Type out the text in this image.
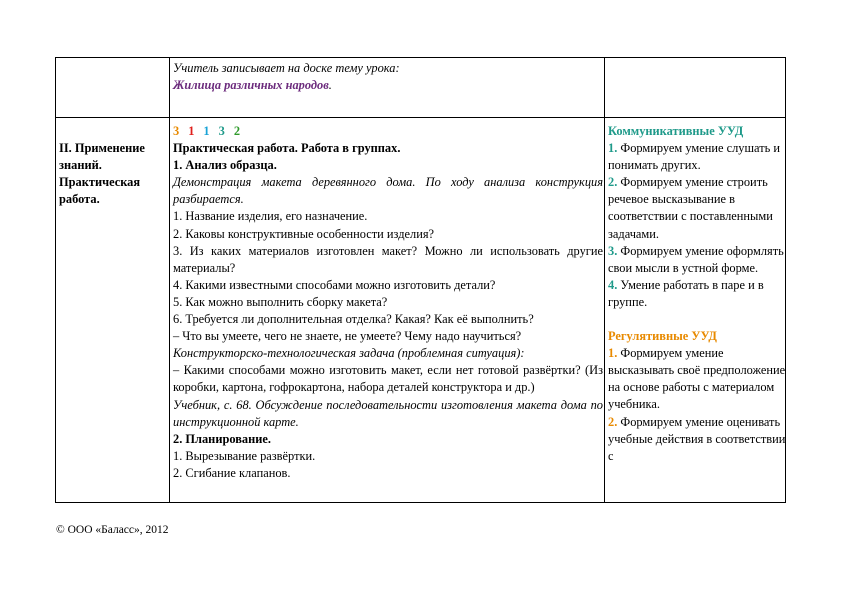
Учитель записывает на доске тему урока:
Жилища различных народов.
II. Применение
знаний.
Практическая
работа.
3 1 1 3 2
Практическая работа. Работа в группах.
1. Анализ образца.
Демонстрация макета деревянного дома. По ходу анализа конструкция разбирается.
1. Название изделия, его назначение.
2. Каковы конструктивные особенности изделия?
3. Из каких материалов изготовлен макет? Можно ли использовать другие материалы?
4. Какими известными способами можно изготовить детали?
5. Как можно выполнить сборку макета?
6. Требуется ли дополнительная отделка? Какая? Как её выполнить?
– Что вы умеете, чего не знаете, не умеете? Чему надо научиться?
Конструкторско-технологическая задача (проблемная ситуация):
– Какими способами можно изготовить макет, если нет готовой развёртки? (Из коробки, картона, гофрокартона, набора деталей конструктора и др.)
Учебник, с. 68. Обсуждение последовательности изготовления макета дома по инструкционной карте.
2. Планирование.
1. Вырезывание развёртки.
2. Сгибание клапанов.
Коммуникативные УУД
1. Формируем умение слушать и понимать других.
2. Формируем умение строить речевое высказывание в соответствии с поставленными задачами.
3. Формируем умение оформлять свои мысли в устной форме.
4. Умение работать в паре и в группе.
Регулятивные УУД
1. Формируем умение высказывать своё предположение на основе работы с материалом учебника.
2. Формируем умение оценивать учебные действия в соответствии с
© ООО «Баласс», 2012
